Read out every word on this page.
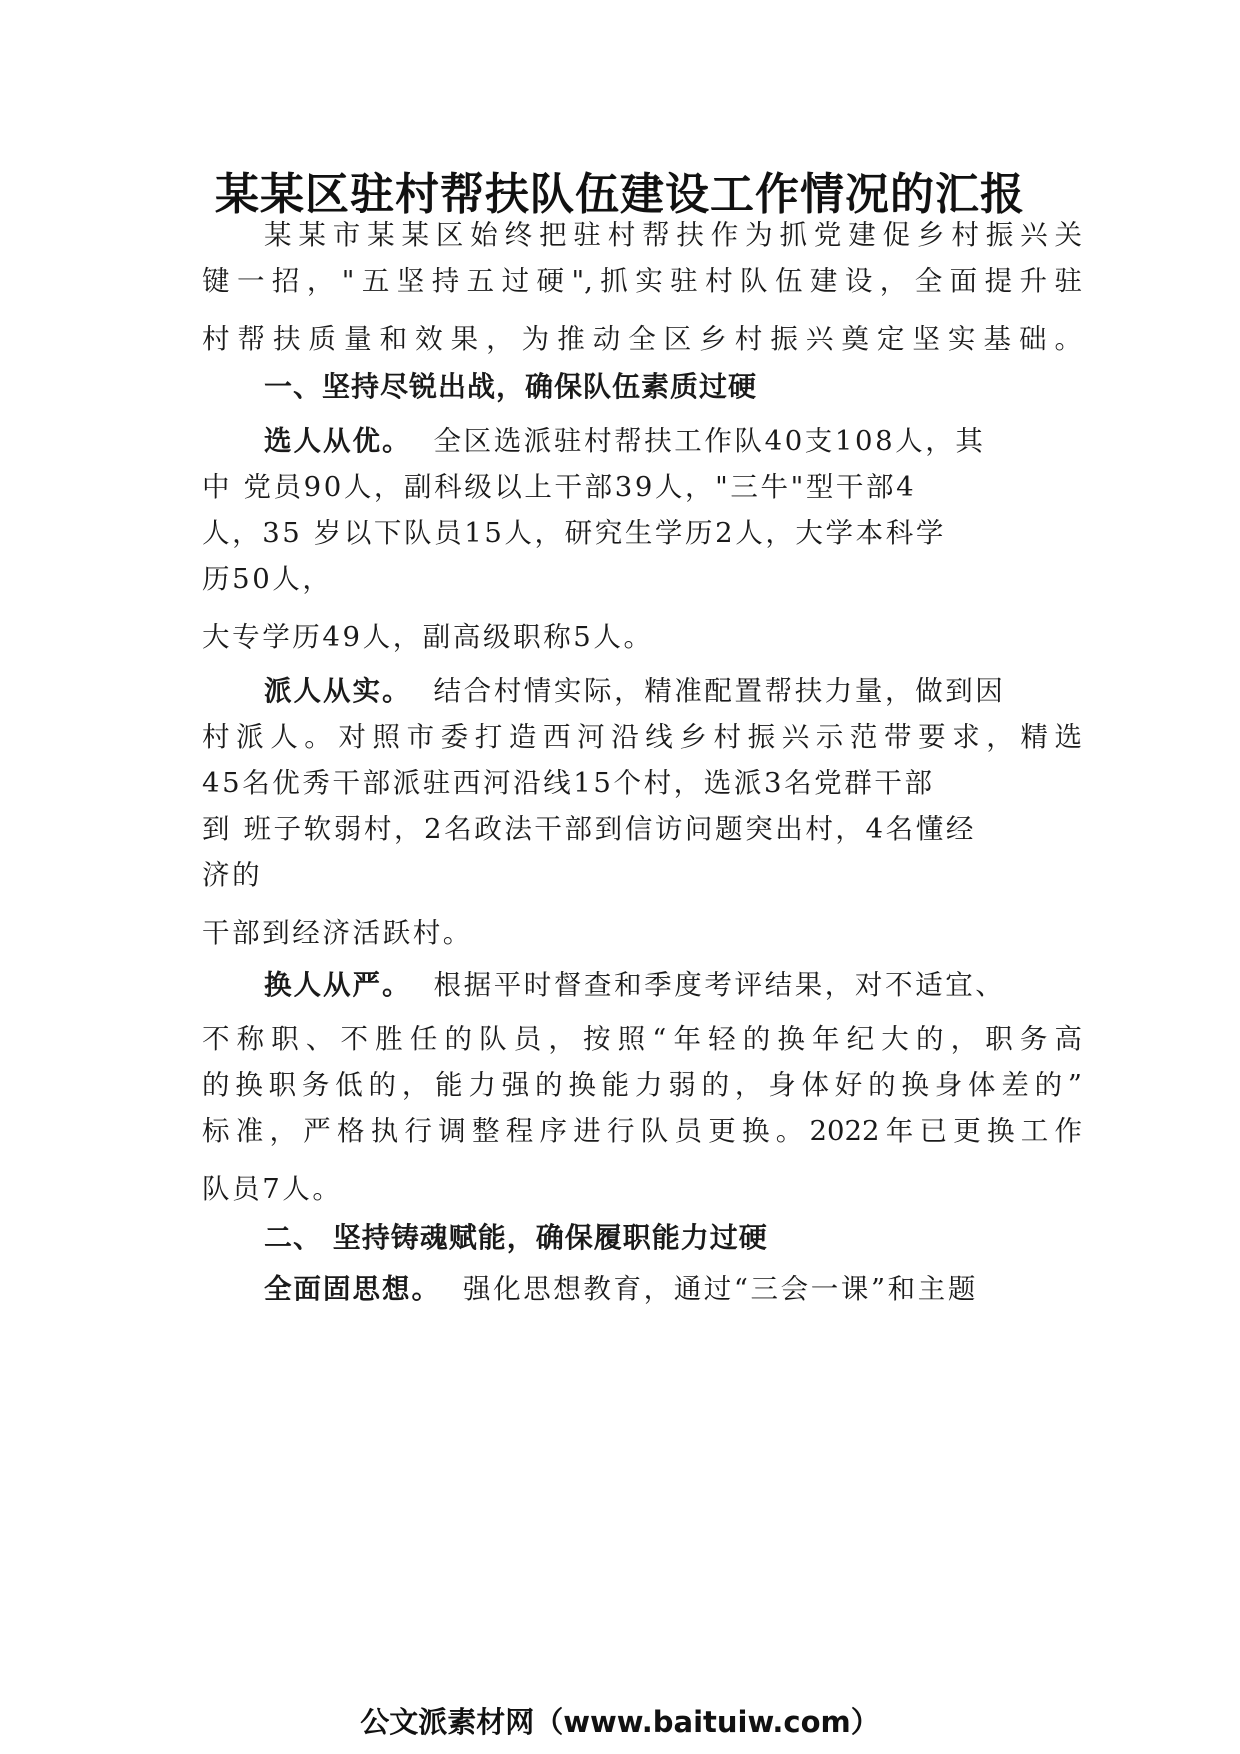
某某区驻村帮扶队伍建设工作情况的汇报
某某市某某区始终把驻村帮扶作为抓党建促乡村振兴关
键一招，"五坚持五过硬",抓实驻村队伍建设，全面提升驻
村帮扶质量和效果，为推动全区乡村振兴奠定坚实基础。
一、坚持尽锐出战，确保队伍素质过硬
选人从优。 全区选派驻村帮扶工作队40支108人，其
中 党员90人，副科级以上干部39人，"三牛"型干部4
人，35 岁以下队员15人，研究生学历2人，大学本科学
历50人，
大专学历49人，副高级职称5人。
派人从实。 结合村情实际，精准配置帮扶力量，做到因
村派人。对照市委打造西河沿线乡村振兴示范带要求，精选
45名优秀干部派驻西河沿线15个村，选派3名党群干部
到 班子软弱村，2名政法干部到信访问题突出村，4名懂经
济的
干部到经济活跃村。
换人从严。 根据平时督查和季度考评结果，对不适宜、
不称职、不胜任的队员，按照“年轻的换年纪大的，职务高
的换职务低的，能力强的换能力弱的，身体好的换身体差的”
标准，严格执行调整程序进行队员更换。2022年已更换工作
队员7人。
二、 坚持铸魂赋能，确保履职能力过硬
全面固思想。 强化思想教育，通过“三会一课”和主题
公文派素材网（www.baituiw.com）
